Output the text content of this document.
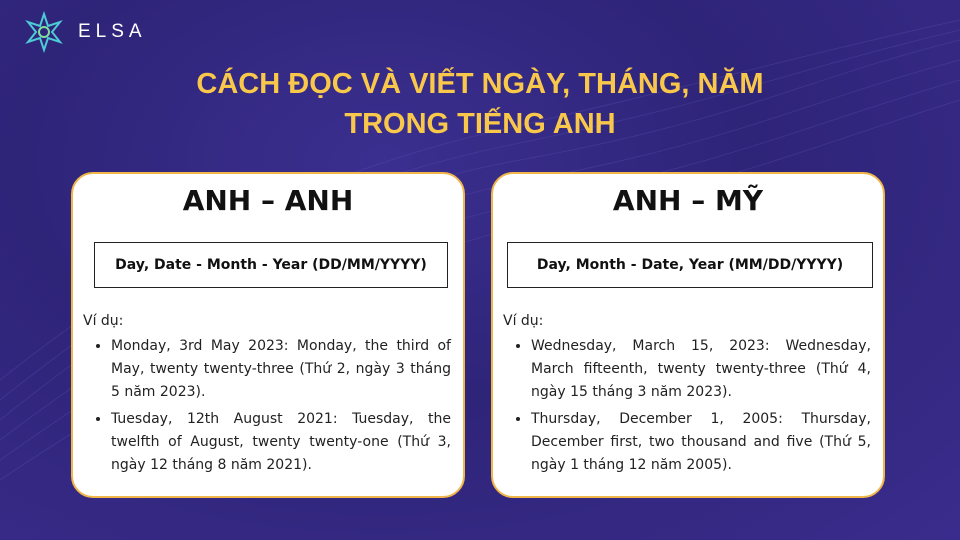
ELSA
CÁCH ĐỌC VÀ VIẾT NGÀY, THÁNG, NĂM
TRONG TIẾNG ANH
ANH – ANH
Day, Date - Month - Year (DD/MM/YYYY)
Ví dụ:
• Monday, 3rd May 2023: Monday, the third of May, twenty twenty-three (Thứ 2, ngày 3 tháng 5 năm 2023).
• Tuesday, 12th August 2021: Tuesday, the twelfth of August, twenty twenty-one (Thứ 3, ngày 12 tháng 8 năm 2021).
ANH – MỸ
Day, Month - Date, Year (MM/DD/YYYY)
Ví dụ:
• Wednesday, March 15, 2023: Wednesday, March fifteenth, twenty twenty-three (Thứ 4, ngày 15 tháng 3 năm 2023).
• Thursday, December 1, 2005: Thursday, December first, two thousand and five (Thứ 5, ngày 1 tháng 12 năm 2005).
